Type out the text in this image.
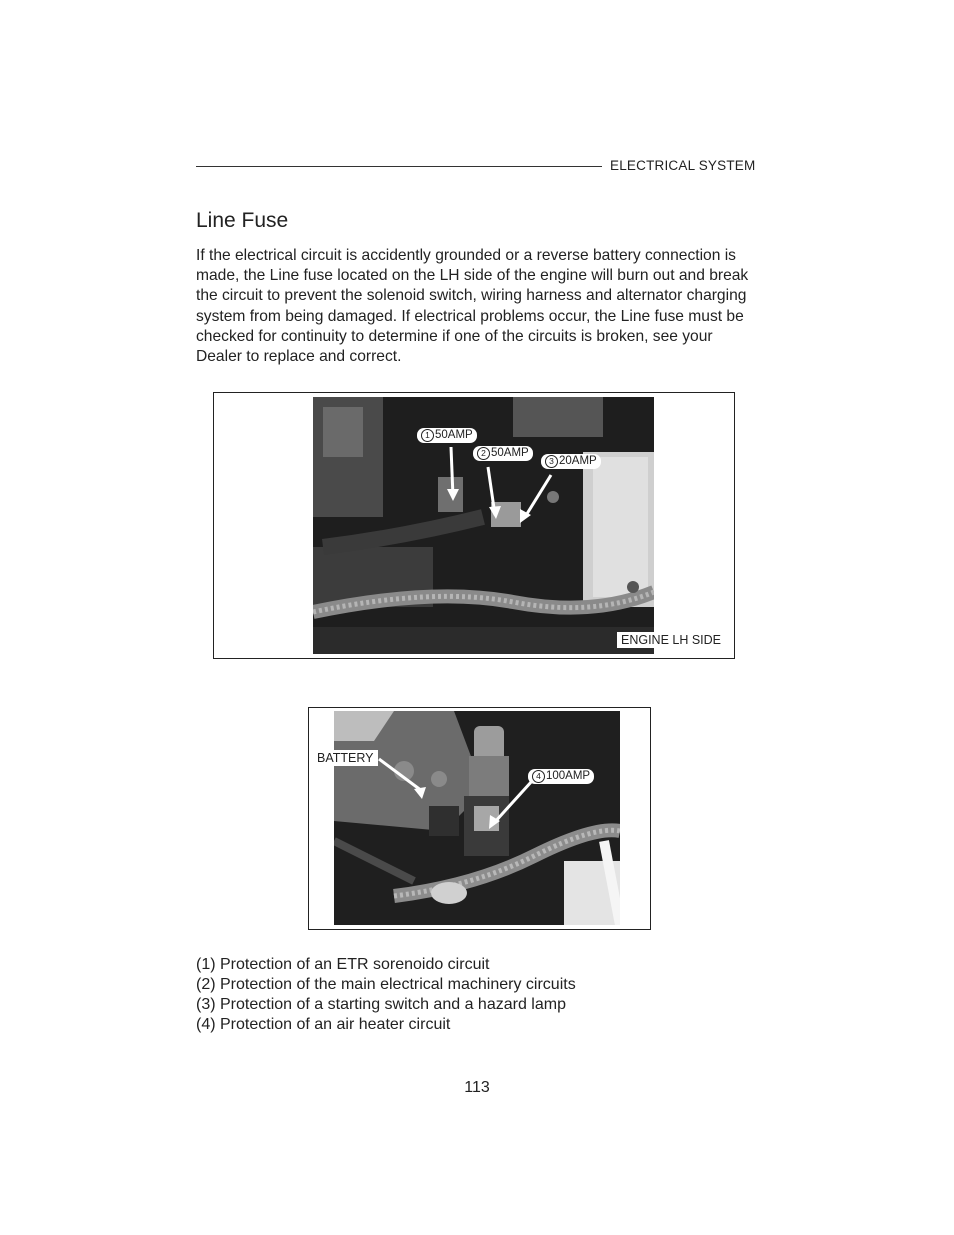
ELECTRICAL SYSTEM
Line Fuse

If the electrical circuit is accidently grounded or a reverse battery connection is made, the Line fuse located on the LH side of the engine will burn out and break the circuit to prevent the solenoid switch, wiring harness and alternator charging system from being damaged. If electrical problems occur, the Line fuse must be checked for continuity to determine if one of the circuits is broken, see your Dealer to replace and correct.

1 50AMP
2 50AMP
3 20AMP
ENGINE LH SIDE
BATTERY
4 100AMP
(1) Protection of an ETR sorenoido circuit
(2) Protection of the main electrical machinery circuits
(3) Protection of a starting switch and a hazard lamp
(4) Protection of an air heater circuit
113
